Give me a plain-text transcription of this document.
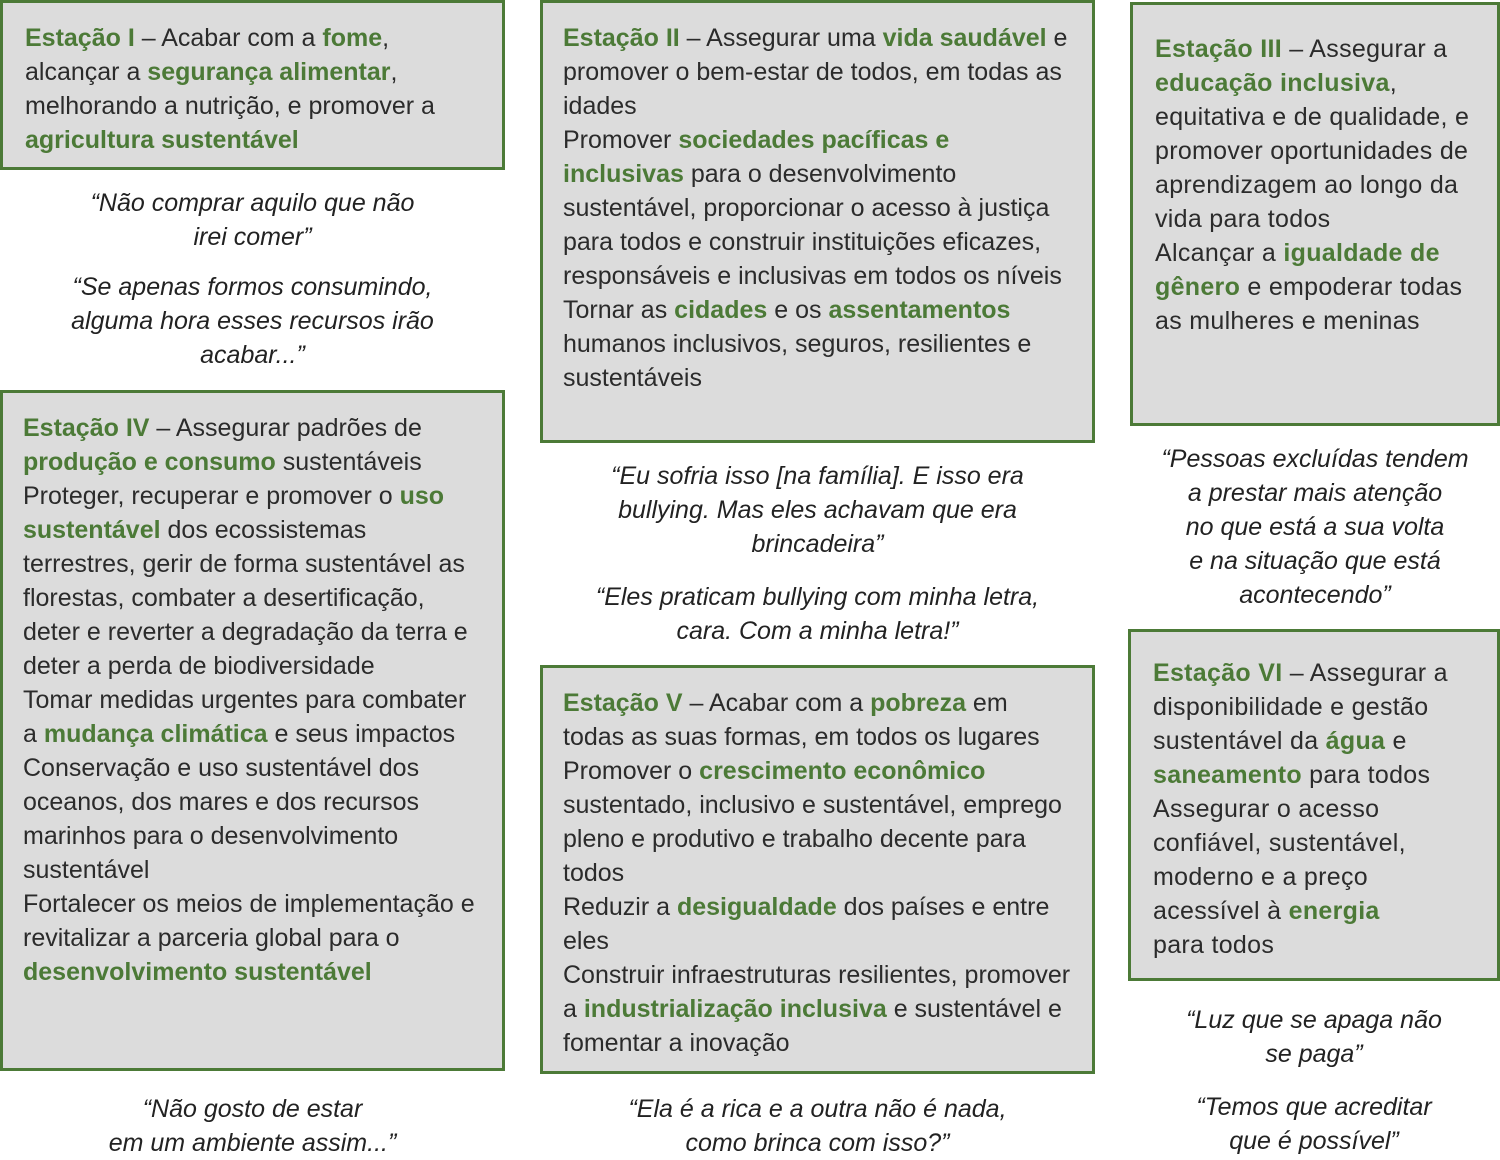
Estação I – Acabar com a fome, alcançar a segurança alimentar, melhorando a nutrição, e promover a agricultura sustentável

Estação II – Assegurar uma vida saudável e promover o bem-estar de todos, em todas as idades

Promover sociedades pacíficas e inclusivas para o desenvolvimento sustentável, proporcionar o acesso à justiça para todos e construir instituições eficazes, responsáveis e inclusivas em todos os níveis

Tornar as cidades e os assentamentos humanos inclusivos, seguros, resilientes e sustentáveis

Estação III – Assegurar a educação inclusiva, equitativa e de qualidade, e promover oportunidades de aprendizagem ao longo da vida para todos

Alcançar a igualdade de gênero e empoderar todas as mulheres e meninas

Estação IV – Assegurar padrões de produção e consumo sustentáveis

Proteger, recuperar e promover o uso sustentável dos ecossistemas terrestres, gerir de forma sustentável as florestas, combater a desertificação, deter e reverter a degradação da terra e deter a perda de biodiversidade

Tomar medidas urgentes para combater a mudança climática e seus impactos

Conservação e uso sustentável dos oceanos, dos mares e dos recursos marinhos para o desenvolvimento sustentável

Fortalecer os meios de implementação e revitalizar a parceria global para o desenvolvimento sustentável

Estação V – Acabar com a pobreza em todas as suas formas, em todos os lugares

Promover o crescimento econômico sustentado, inclusivo e sustentável, emprego pleno e produtivo e trabalho decente para todos

Reduzir a desigualdade dos países e entre eles

Construir infraestruturas resilientes, promover a industrialização inclusiva e sustentável e fomentar a inovação

Estação VI – Assegurar a disponibilidade e gestão sustentável da água e saneamento para todos

Assegurar o acesso confiável, sustentável, moderno e a preço acessível à energia
para todos

“Não comprar aquilo que não
irei comer”
“Se apenas formos consumindo,
alguma hora esses recursos irão
acabar...”
“Eu sofria isso [na família]. E isso era
bullying. Mas eles achavam que era
brincadeira”
“Eles praticam bullying com minha letra,
cara. Com a minha letra!”
“Pessoas excluídas tendem
a prestar mais atenção
no que está a sua volta
e na situação que está
acontecendo”
“Não gosto de estar
em um ambiente assim...”
“Ela é a rica e a outra não é nada,
como brinca com isso?”
“Luz que se apaga não
se paga”
“Temos que acreditar
que é possível”
